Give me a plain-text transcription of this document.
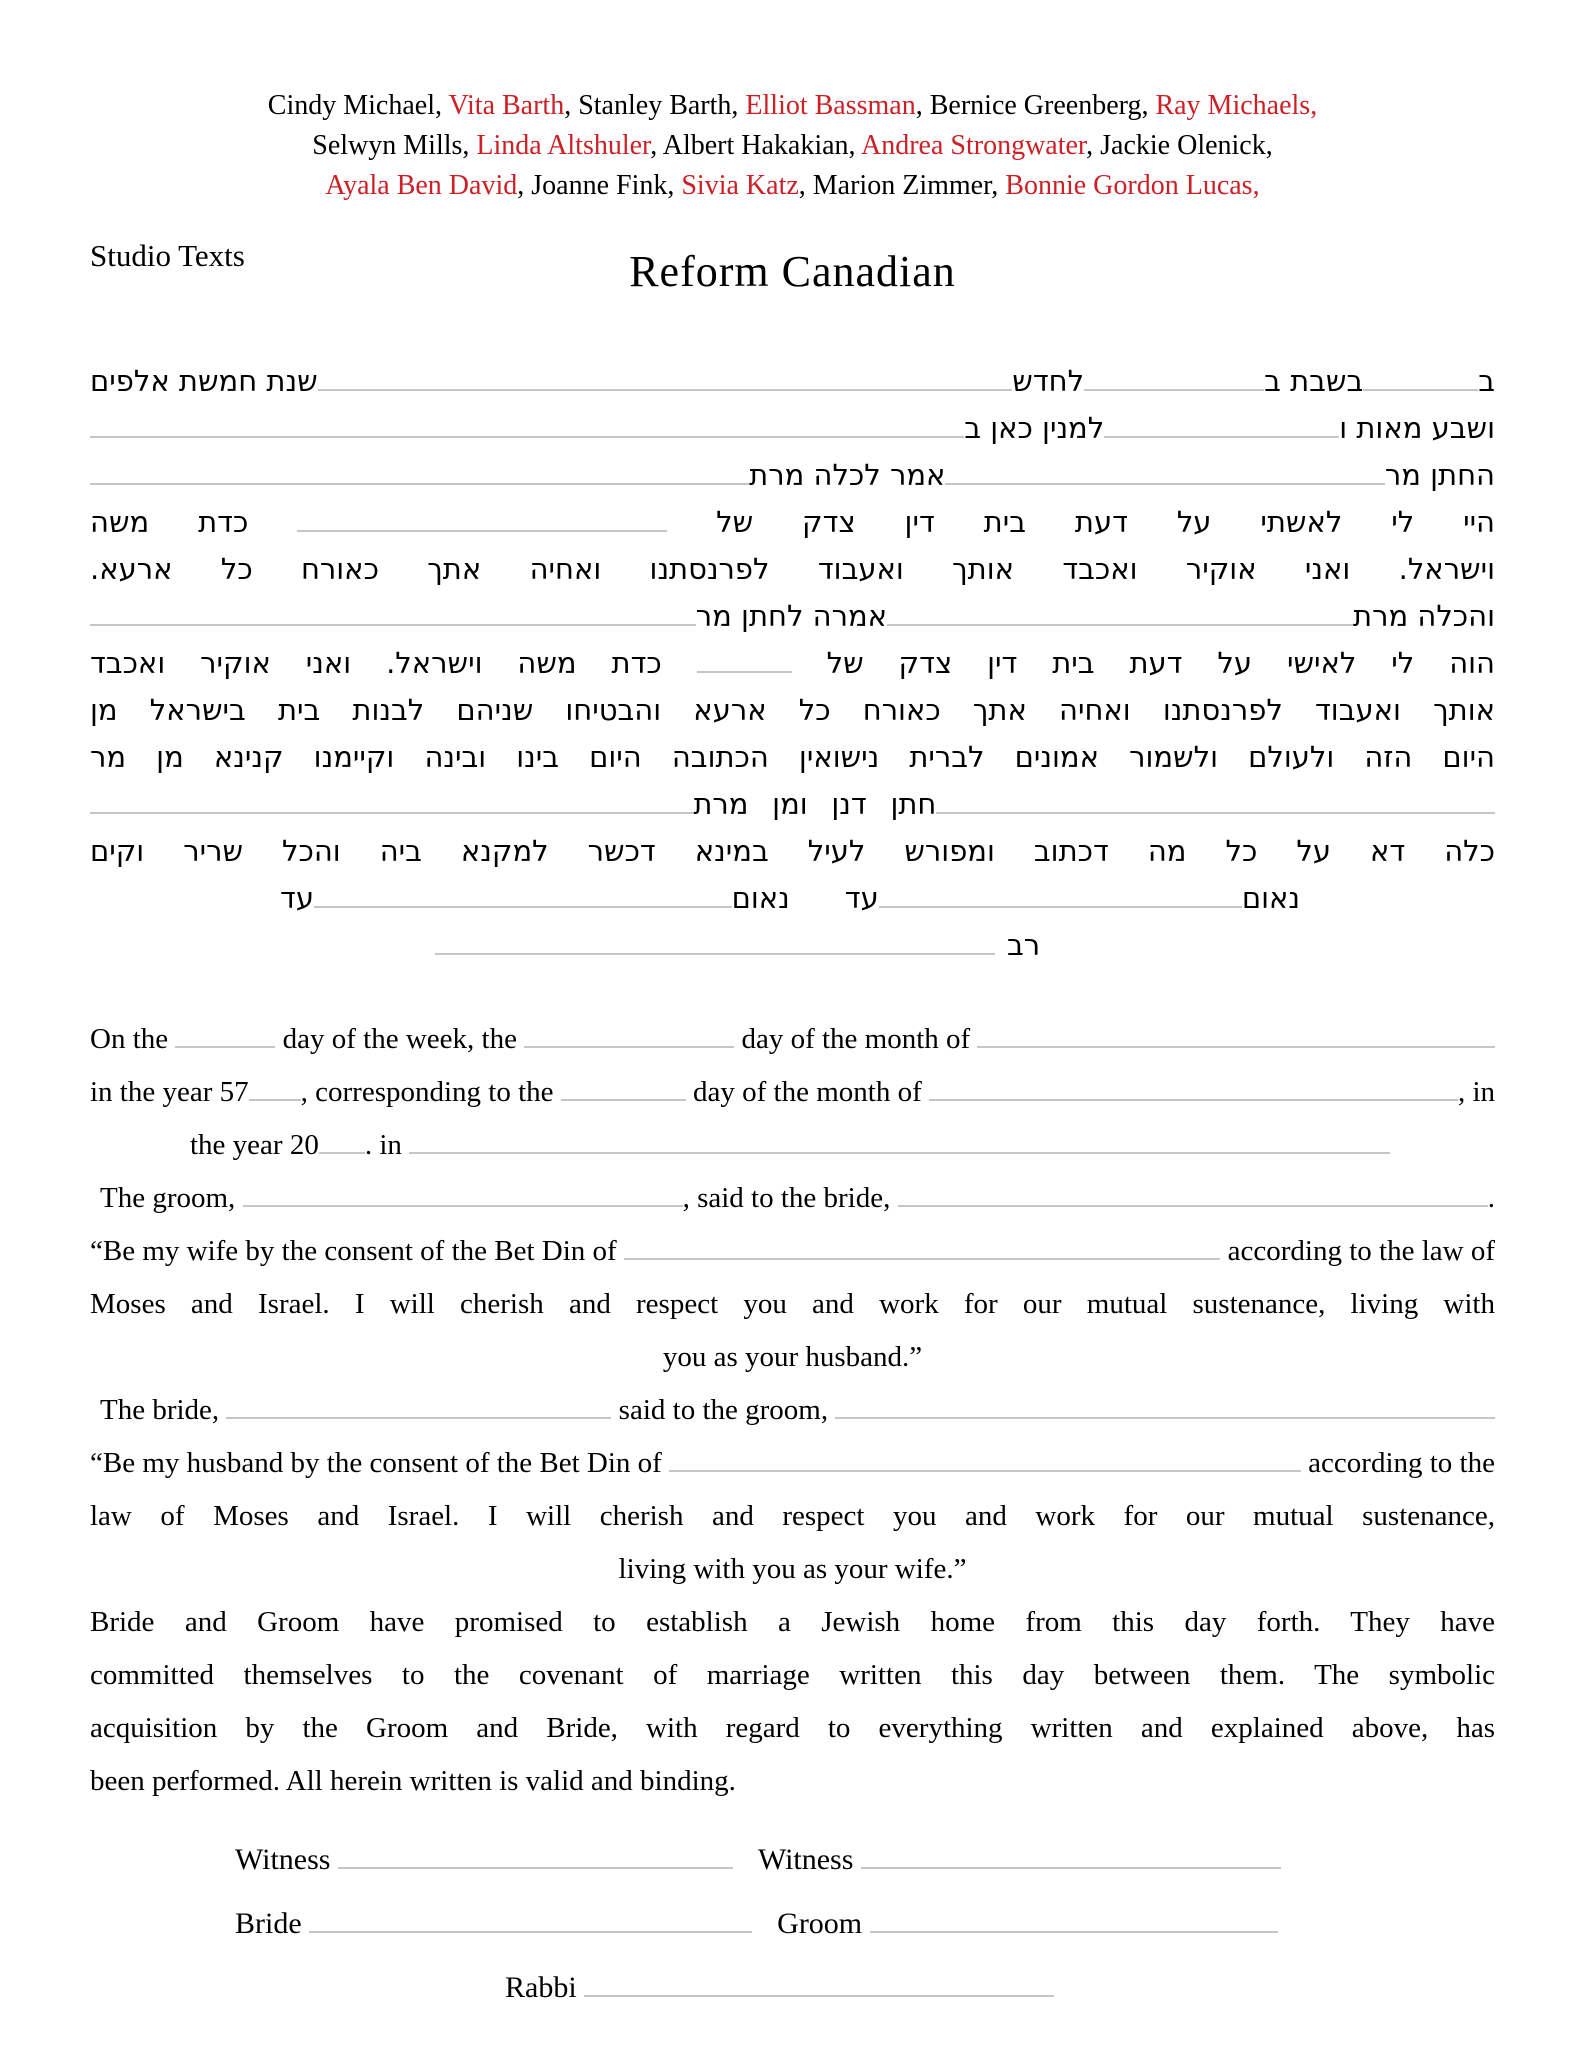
Cindy Michael, Vita Barth, Stanley Barth, Elliot Bassman, Bernice Greenberg, Ray Michaels,
Selwyn Mills, Linda Altshuler, Albert Hakakian, Andrea Strongwater, Jackie Olenick,
Ayala Ben David, Joanne Fink, Sivia Katz, Marion Zimmer, Bonnie Gordon Lucas,
Studio Texts	Reform Canadian
ב
בשבת ב
לחדש
שנת חמשת אלפים
ושבע מאות ו
למנין כאן ב
החתן מר
אמר לכלה מרת
היי לי לאשתי על דעת בית דין צדק של  כדת משה
וישראל. ואני אוקיר ואכבד אותך ואעבוד לפרנסתנו ואחיה אתך כאורח כל ארעא.
והכלה מרת
אמרה לחתן מר
הוה לי לאישי על דעת בית דין צדק של  כדת משה וישראל. ואני אוקיר ואכבד
אותך ואעבוד לפרנסתנו ואחיה אתך כאורח כל ארעא והבטיחו שניהם לבנות בית בישראל מן
היום הזה ולעולם ולשמור אמונים לברית נישואין הכתובה היום בינו ובינה וקיימנו קנינא מן מר
חתן דנן ומן מרת
כלה דא על כל מה דכתוב ומפורש לעיל במינא דכשר למקנא ביה והכל שריר וקים
נאום
עד
נאום
עד
רב
On the	day of the week, the	day of the month of
in the year 57 , corresponding to the	day of the month of	, in
the year 20 . in
The groom,	, said to the bride,	.
“Be my wife by the consent of the Bet Din of	according to the law of
Moses and Israel. I will cherish and respect you and work for our mutual sustenance, living with
you as your husband.”
The bride,	said to the groom,
“Be my husband by the consent of the Bet Din of	according to the
law of Moses and Israel. I will cherish and respect you and work for our mutual sustenance,
living with you as your wife.”
Bride and Groom have promised to establish a Jewish home from this day forth. They have
committed themselves to the covenant of marriage written this day between them. The symbolic
acquisition by the Groom and Bride, with regard to everything written and explained above, has
been performed. All herein written is valid and binding.
Witness	Witness
Bride	Groom
Rabbi
